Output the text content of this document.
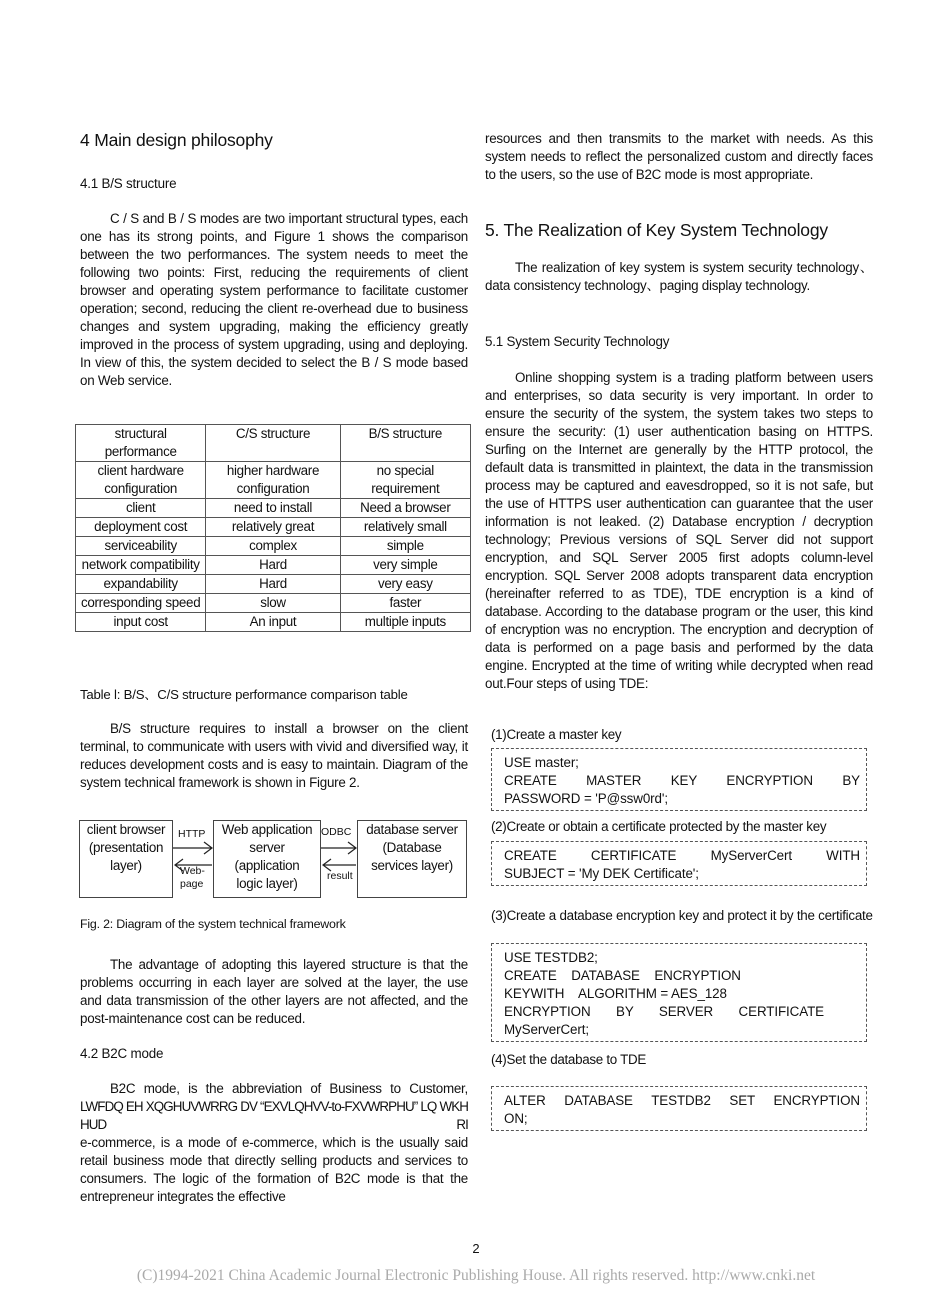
4 Main design philosophy
4.1 B/S structure
C / S and B / S modes are two important structural types, each one has its strong points, and Figure 1 shows the comparison between the two performances. The system needs to meet the following two points: First, reducing the requirements of client browser and operating system performance to facilitate customer operation; second, reducing the client re-overhead due to business changes and system upgrading, making the efficiency greatly improved in the process of system upgrading, using and deploying. In view of this, the system decided to select the B / S mode based on Web service.
structural performance	C/S structure	B/S structure
client hardware configuration	higher hardware configuration	no special requirement
client	need to install	Need a browser
deployment cost	relatively great	relatively small
serviceability	complex	simple
network compatibility	Hard	very simple
expandability	Hard	very easy
corresponding speed	slow	faster
input cost	An input	multiple inputs
Table l: B/S、C/S structure performance comparison table
B/S structure requires to install a browser on the client terminal, to communicate with users with vivid and diversified way, it reduces development costs and is easy to maintain. Diagram of the system technical framework is shown in Figure 2.
client browser
(presentation
layer)
Web application
server
(application
logic layer)
database server
(Database
services layer)
HTTP
Web-
page
ODBC
result
Fig. 2: Diagram of the system technical framework
The advantage of adopting this layered structure is that the problems occurring in each layer are solved at the layer, the use and data transmission of the other layers are not affected, and the post-maintenance cost can be reduced.
4.2 B2C mode
B2C mode, is the abbreviation of Business to Customer,
LWFDQ EH XQGHUVWRRG DV “EXVLQHVV-to-FXVWRPHU” LQ WKH HUD RI
e-commerce, is a mode of e-commerce, which is the usually said retail business mode that directly selling products and services to consumers. The logic of the formation of B2C mode is that the entrepreneur integrates the effective
resources and then transmits to the market with needs. As this system needs to reflect the personalized custom and directly faces to the users, so the use of B2C mode is most appropriate.
5. The Realization of Key System Technology
The realization of key system is system security technology、data consistency technology、paging display technology.
5.1 System Security Technology
Online shopping system is a trading platform between users and enterprises, so data security is very important. In order to ensure the security of the system, the system takes two steps to ensure the security: (1) user authentication basing on HTTPS. Surfing on the Internet are generally by the HTTP protocol, the default data is transmitted in plaintext, the data in the transmission process may be captured and eavesdropped, so it is not safe, but the use of HTTPS user authentication can guarantee that the user information is not leaked. (2) Database encryption / decryption technology; Previous versions of SQL Server did not support encryption, and SQL Server 2005 first adopts column-level encryption. SQL Server 2008 adopts transparent data encryption (hereinafter referred to as TDE), TDE encryption is a kind of database. According to the database program or the user, this kind of encryption was no encryption. The encryption and decryption of data is performed on a page basis and performed by the data engine. Encrypted at the time of writing while decrypted when read out.Four steps of using TDE:
(1)Create a master key
USE master;
CREATE MASTER KEY ENCRYPTION BY
PASSWORD = 'P@ssw0rd';
(2)Create or obtain a certificate protected by the master key
CREATE CERTIFICATE MyServerCert WITH
SUBJECT = 'My DEK Certificate';
(3)Create a database encryption key and protect it by the certificate
USE TESTDB2;
CREATE    DATABASE    ENCRYPTION
KEYWITH    ALGORITHM = AES_128
ENCRYPTION BY SERVER CERTIFICATE
MyServerCert;
(4)Set the database to TDE
ALTER DATABASE TESTDB2 SET ENCRYPTION
ON;
2
(C)1994-2021 China Academic Journal Electronic Publishing House. All rights reserved. http://www.cnki.net
